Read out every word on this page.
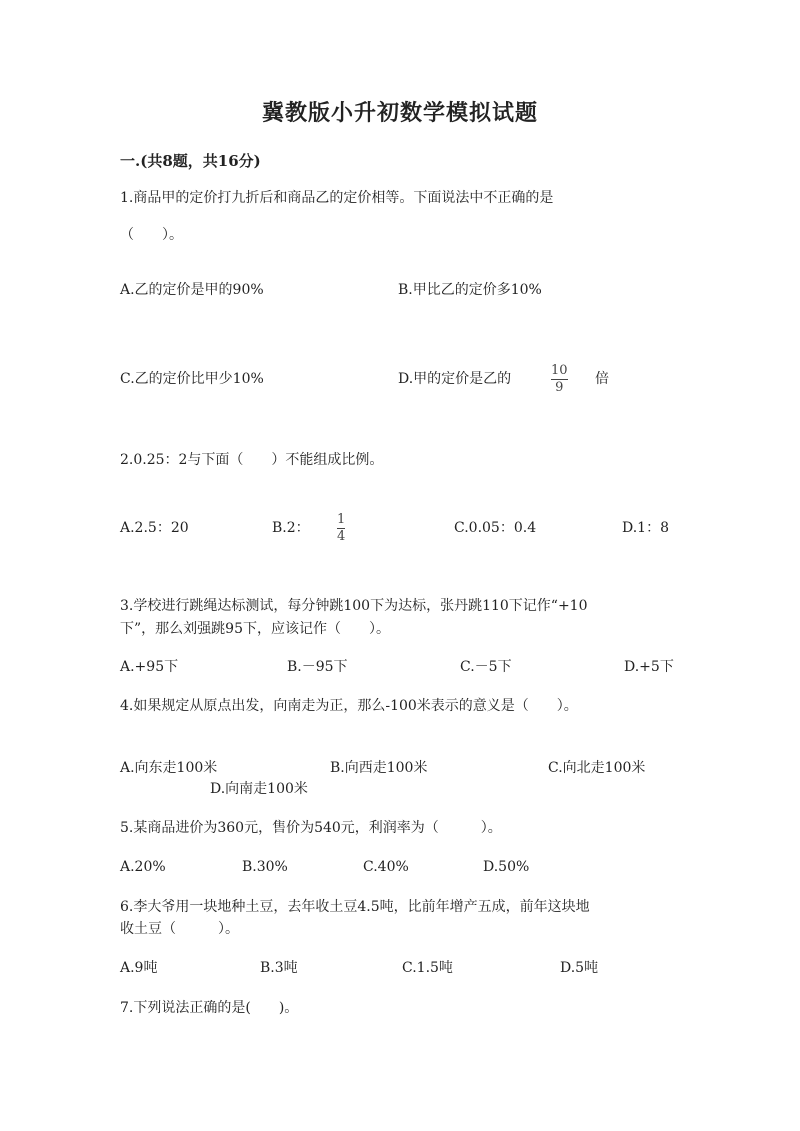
冀教版小升初数学模拟试题
一.(共8题，共16分)
1.商品甲的定价打九折后和商品乙的定价相等。下面说法中不正确的是
（　　）。
A.乙的定价是甲的90%	B.甲比乙的定价多10%
C.乙的定价比甲少10%	D.甲的定价是乙的	$\frac{10}{9}$ 倍
2.0.25：2与下面（　　）不能组成比例。
A.2.5：20	B.2： $\frac{1}{4}$	C.0.05：0.4	D.1：8
3.学校进行跳绳达标测试，每分钟跳100下为达标，张丹跳110下记作“+10
下”，那么刘强跳95下，应该记作（　　）。
A.+95下	B.－95下	C.－5下	D.+5下
4.如果规定从原点出发，向南走为正，那么-100米表示的意义是（　　）。
A.向东走100米	B.向西走100米	C.向北走100米
D.向南走100米
5.某商品进价为360元，售价为540元，利润率为（　　　）。
A.20%	B.30%	C.40%	D.50%
6.李大爷用一块地种土豆，去年收土豆4.5吨，比前年增产五成，前年这块地
收土豆（　　　）。
A.9吨	B.3吨	C.1.5吨	D.5吨
7.下列说法正确的是(　　)。
